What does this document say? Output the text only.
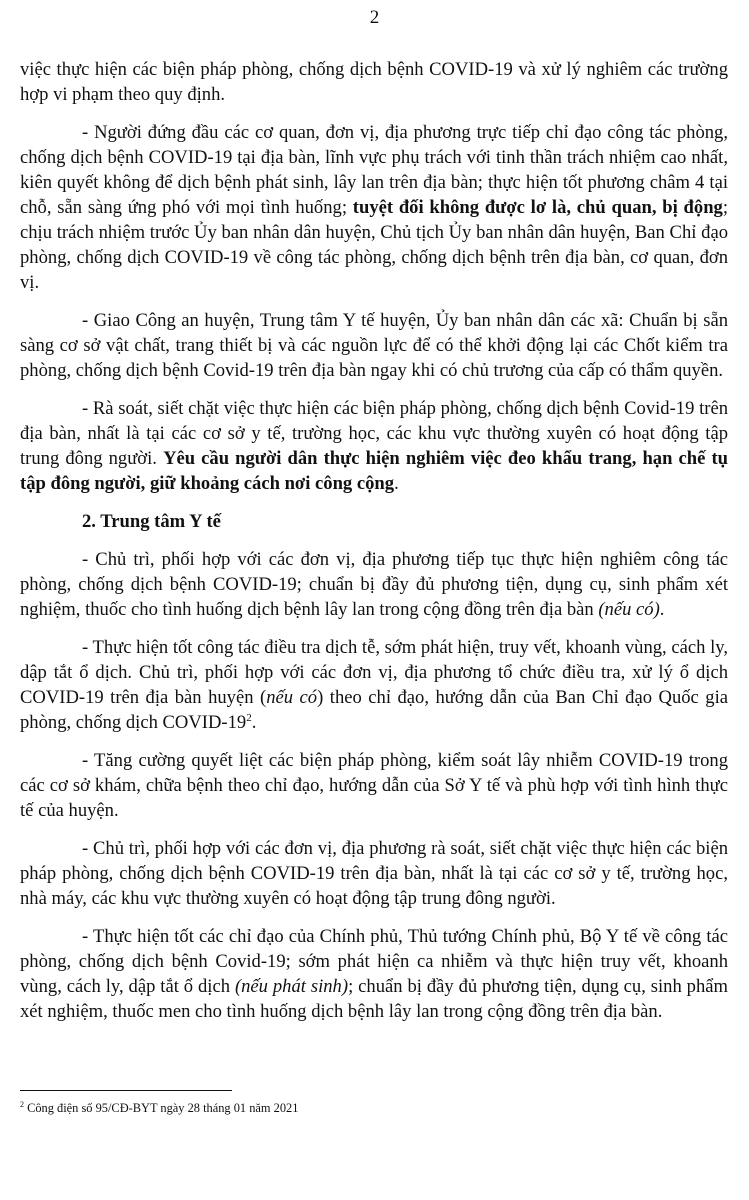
2

việc thực hiện các biện pháp phòng, chống dịch bệnh COVID-19 và xử lý nghiêm các trường hợp vi phạm theo quy định.

- Người đứng đầu các cơ quan, đơn vị, địa phương trực tiếp chỉ đạo công tác phòng, chống dịch bệnh COVID-19 tại địa bàn, lĩnh vực phụ trách với tinh thần trách nhiệm cao nhất, kiên quyết không để dịch bệnh phát sinh, lây lan trên địa bàn; thực hiện tốt phương châm 4 tại chỗ, sẵn sàng ứng phó với mọi tình huống; tuyệt đối không được lơ là, chủ quan, bị động; chịu trách nhiệm trước Ủy ban nhân dân huyện, Chủ tịch Ủy ban nhân dân huyện, Ban Chỉ đạo phòng, chống dịch COVID-19 về công tác phòng, chống dịch bệnh trên địa bàn, cơ quan, đơn vị.

- Giao Công an huyện, Trung tâm Y tế huyện, Ủy ban nhân dân các xã: Chuẩn bị sẵn sàng cơ sở vật chất, trang thiết bị và các nguồn lực để có thể khởi động lại các Chốt kiểm tra phòng, chống dịch bệnh Covid-19 trên địa bàn ngay khi có chủ trương của cấp có thẩm quyền.

- Rà soát, siết chặt việc thực hiện các biện pháp phòng, chống dịch bệnh Covid-19 trên địa bàn, nhất là tại các cơ sở y tế, trường học, các khu vực thường xuyên có hoạt động tập trung đông người. Yêu cầu người dân thực hiện nghiêm việc đeo khẩu trang, hạn chế tụ tập đông người, giữ khoảng cách nơi công cộng.

2. Trung tâm Y tế

- Chủ trì, phối hợp với các đơn vị, địa phương tiếp tục thực hiện nghiêm công tác phòng, chống dịch bệnh COVID-19; chuẩn bị đầy đủ phương tiện, dụng cụ, sinh phẩm xét nghiệm, thuốc cho tình huống dịch bệnh lây lan trong cộng đồng trên địa bàn (nếu có).

- Thực hiện tốt công tác điều tra dịch tễ, sớm phát hiện, truy vết, khoanh vùng, cách ly, dập tắt ổ dịch. Chủ trì, phối hợp với các đơn vị, địa phương tổ chức điều tra, xử lý ổ dịch COVID-19 trên địa bàn huyện (nếu có) theo chỉ đạo, hướng dẫn của Ban Chỉ đạo Quốc gia phòng, chống dịch COVID-$19^2$.

- Tăng cường quyết liệt các biện pháp phòng, kiểm soát lây nhiễm COVID-19 trong các cơ sở khám, chữa bệnh theo chỉ đạo, hướng dẫn của Sở Y tế và phù hợp với tình hình thực tế của huyện.

- Chủ trì, phối hợp với các đơn vị, địa phương rà soát, siết chặt việc thực hiện các biện pháp phòng, chống dịch bệnh COVID-19 trên địa bàn, nhất là tại các cơ sở y tế, trường học, nhà máy, các khu vực thường xuyên có hoạt động tập trung đông người.

- Thực hiện tốt các chỉ đạo của Chính phủ, Thủ tướng Chính phủ, Bộ Y tế về công tác phòng, chống dịch bệnh Covid-19; sớm phát hiện ca nhiễm và thực hiện truy vết, khoanh vùng, cách ly, dập tắt ổ dịch (nếu phát sinh); chuẩn bị đầy đủ phương tiện, dụng cụ, sinh phẩm xét nghiệm, thuốc men cho tình huống dịch bệnh lây lan trong cộng đồng trên địa bàn.

$^2$ Công điện số 95/CĐ-BYT ngày 28 tháng 01 năm 2021
